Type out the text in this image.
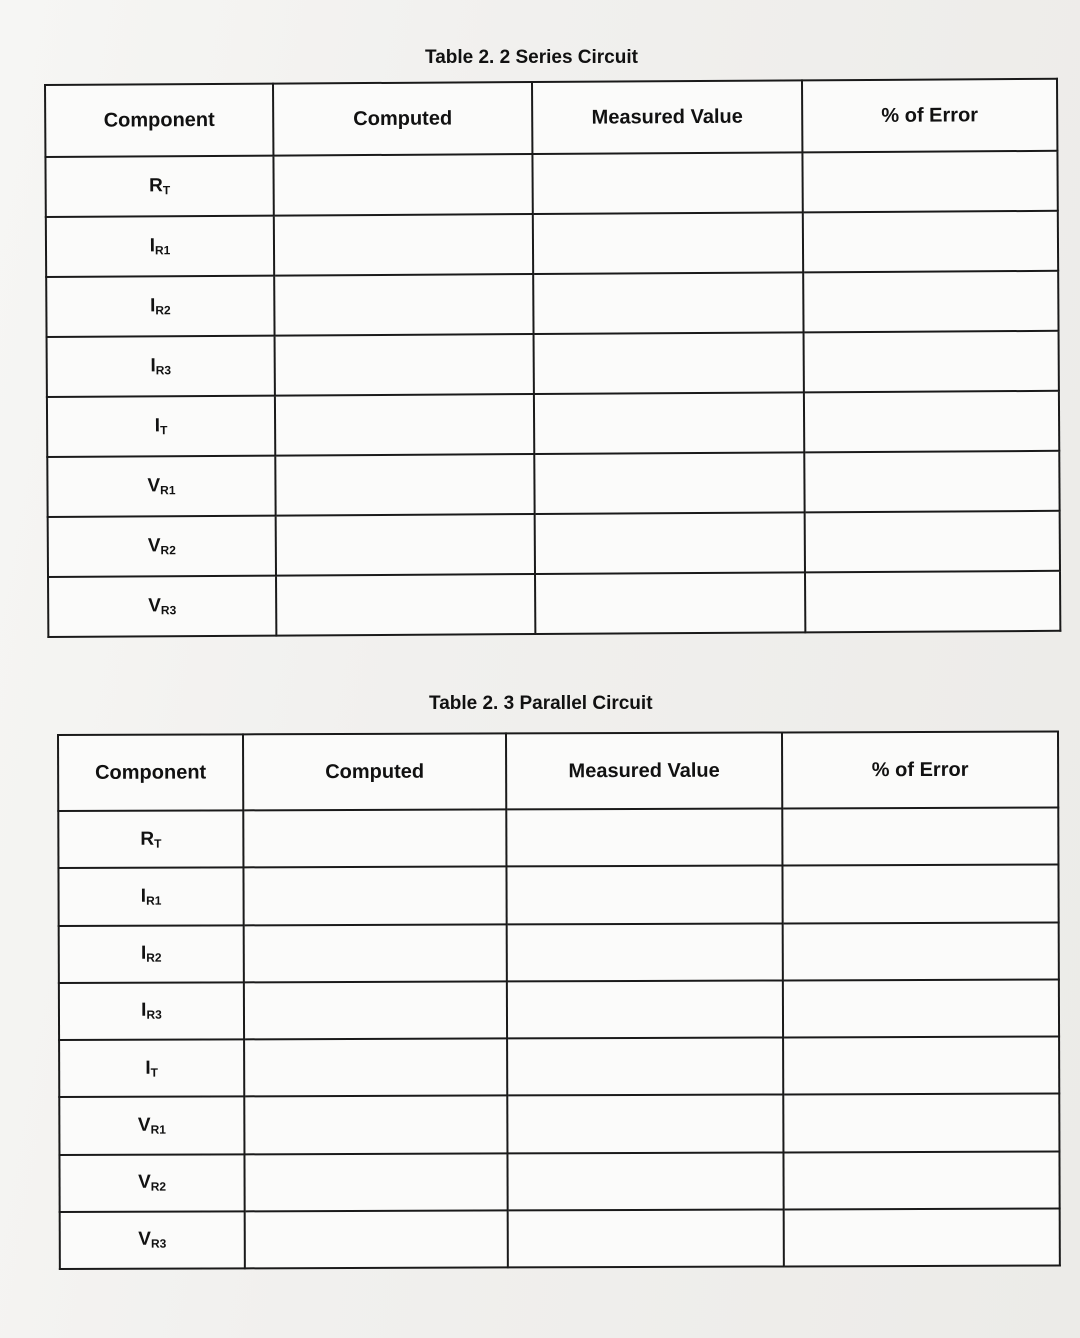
Table 2. 2 Series Circuit
Component	Computed	Measured Value	% of Error
$R_T$			
$I_{R1}$			
$I_{R2}$			
$I_{R3}$			
$I_T$			
$V_{R1}$			
$V_{R2}$			
$V_{R3}$			
Table 2. 3 Parallel Circuit
Component	Computed	Measured Value	% of Error
$R_T$			
$I_{R1}$			
$I_{R2}$			
$I_{R3}$			
$I_T$			
$V_{R1}$			
$V_{R2}$			
$V_{R3}$			
